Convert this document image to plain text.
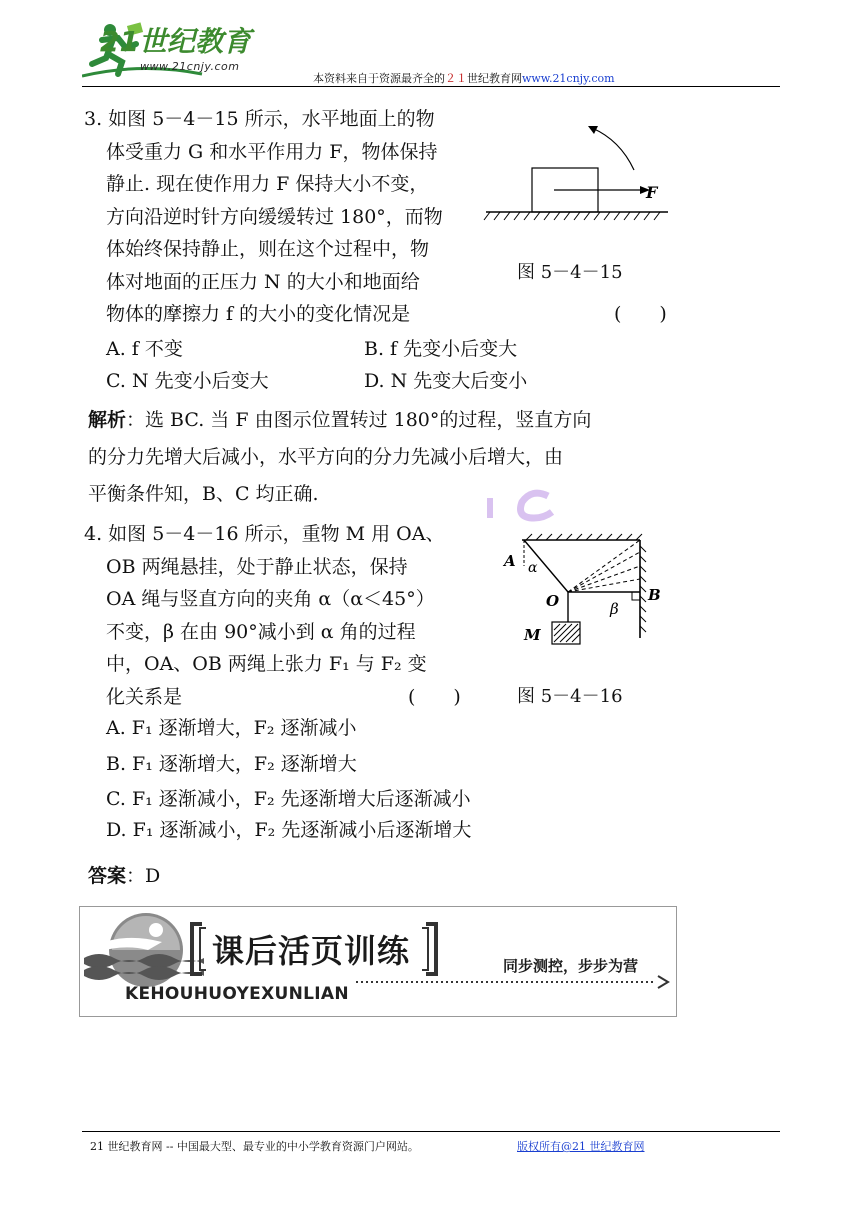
21世纪教育
www.21cnjy.com
本资料来自于资源最齐全的２１世纪教育网www.21cnjy.com
3. 如图 5－4－15 所示，水平地面上的物
体受重力 G 和水平作用力 F，物体保持
静止. 现在使作用力 F 保持大小不变，
方向沿逆时针方向缓缓转过 180°，而物
体始终保持静止，则在这个过程中，物
体对地面的正压力 N 的大小和地面给
物体的摩擦力 f 的大小的变化情况是	(　　)
F
图 5－4－15
A. f 不变	B. f 先变小后变大
C. N 先变小后变大	D. N 先变大后变小
解析：选 BC. 当 F 由图示位置转过 180°的过程，竖直方向
的分力先增大后减小，水平方向的分力先减小后增大，由
平衡条件知，B、C 均正确.
4. 如图 5－4－16 所示，重物 M 用 OA、
OB 两绳悬挂，处于静止状态，保持
OA 绳与竖直方向的夹角 α（α＜45°）
不变，β 在由 90°减小到 α 角的过程
中，OA、OB 两绳上张力 F₁ 与 F₂ 变
化关系是	(　　)
A α
O	β
B
M
图 5－4－16
A. F₁ 逐渐增大，F₂ 逐渐减小
B. F₁ 逐渐增大，F₂ 逐渐增大
C. F₁ 逐渐减小，F₂ 先逐渐增大后逐渐减小
D. F₁ 逐渐减小，F₂ 先逐渐减小后逐渐增大
答案：D
课后活页训练	同步测控，步步为营
KEHOUHUOYEXUNLIAN
21 世纪教育网 -- 中国最大型、最专业的中小学教育资源门户网站。	版权所有@21 世纪教育网
